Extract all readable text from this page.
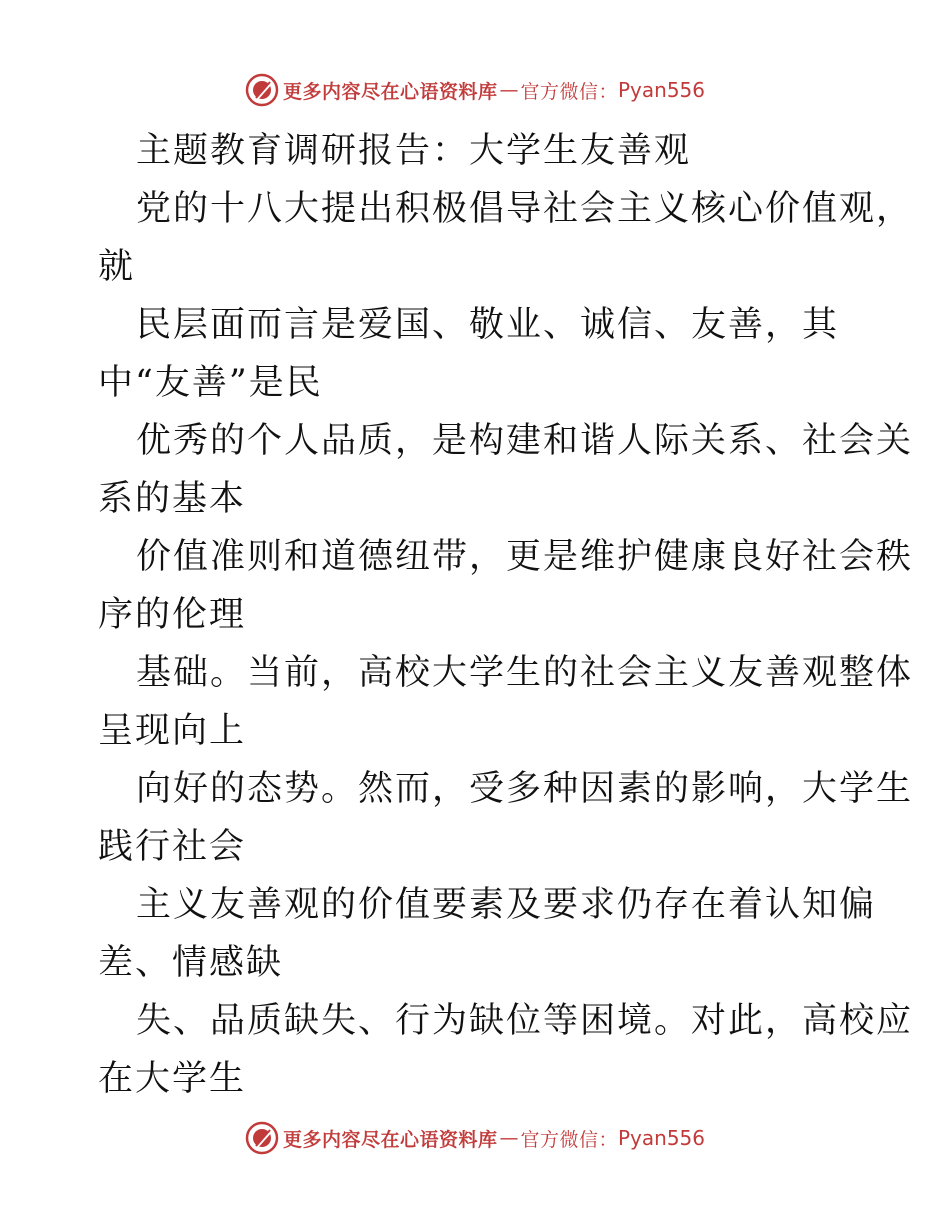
更多内容尽在心语资料库 — 官方微信： Pyan556
主题教育调研报告：大学生友善观
党的十八大提出积极倡导社会主义核心价值观，
就
民层面而言是爱国、敬业、诚信、友善，其
中“友善”是民
优秀的个人品质，是构建和谐人际关系、社会关
系的基本
价值准则和道德纽带，更是维护健康良好社会秩
序的伦理
基础。当前，高校大学生的社会主义友善观整体
呈现向上
向好的态势。然而，受多种因素的影响，大学生
践行社会
主义友善观的价值要素及要求仍存在着认知偏
差、情感缺
失、品质缺失、行为缺位等困境。对此，高校应
在大学生
更多内容尽在心语资料库 — 官方微信： Pyan556
